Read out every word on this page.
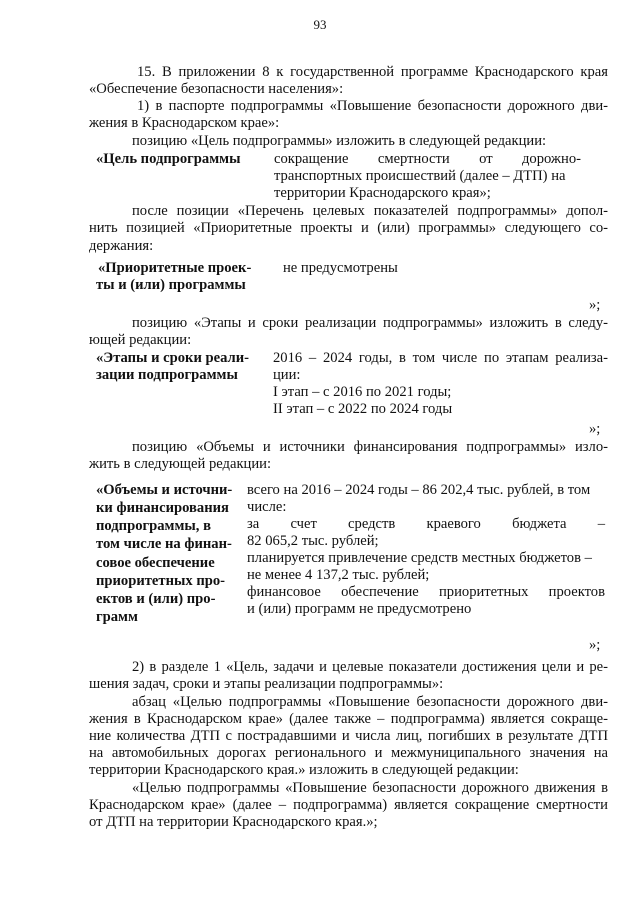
93
15. В приложении 8 к государственной программе Краснодарского края
«Обеспечение безопасности населения»:
1) в паспорте подпрограммы «Повышение безопасности дорожного дви-
жения в Краснодарском крае»:
позицию «Цель подпрограммы» изложить в следующей редакции:
«Цель подпрограммы сокращение смертности от дорожно-
транспортных происшествий (далее – ДТП) на
территории Краснодарского края»;
после позиции «Перечень целевых показателей подпрограммы» допол-
нить позицией «Приоритетные проекты и (или) программы» следующего со-
держания:
«Приоритетные проек-
ты и (или) программы
не предусмотрены
»;
позицию «Этапы и сроки реализации подпрограммы» изложить в следу-
ющей редакции:
«Этапы и сроки реали-
зации подпрограммы
2016 – 2024 годы, в том числе по этапам реализа-
ции:
I этап – с 2016 по 2021 годы;
II этап – с 2022 по 2024 годы
»;
позицию «Объемы и источники финансирования подпрограммы» изло-
жить в следующей редакции:
«Объемы и источни-
ки финансирования
подпрограммы, в
том числе на финан-
совое обеспечение
приоритетных про-
ектов и (или) про-
грамм
всего на 2016 – 2024 годы – 86 202,4 тыс. рублей, в том
числе:
за счет средств краевого бюджета –
82 065,2 тыс. рублей;
планируется привлечение средств местных бюджетов –
не менее 4 137,2 тыс. рублей;
финансовое обеспечение приоритетных проектов
и (или) программ не предусмотрено
»;
2) в разделе 1 «Цель, задачи и целевые показатели достижения цели и ре-
шения задач, сроки и этапы реализации подпрограммы»:
абзац «Целью подпрограммы «Повышение безопасности дорожного дви-
жения в Краснодарском крае» (далее также – подпрограмма) является сокраще-
ние количества ДТП с пострадавшими и числа лиц, погибших в результате ДТП
на автомобильных дорогах регионального и межмуниципального значения на
территории Краснодарского края.» изложить в следующей редакции:
«Целью подпрограммы «Повышение безопасности дорожного движения в
Краснодарском крае» (далее – подпрограмма) является сокращение смертности
от ДТП на территории Краснодарского края.»;
